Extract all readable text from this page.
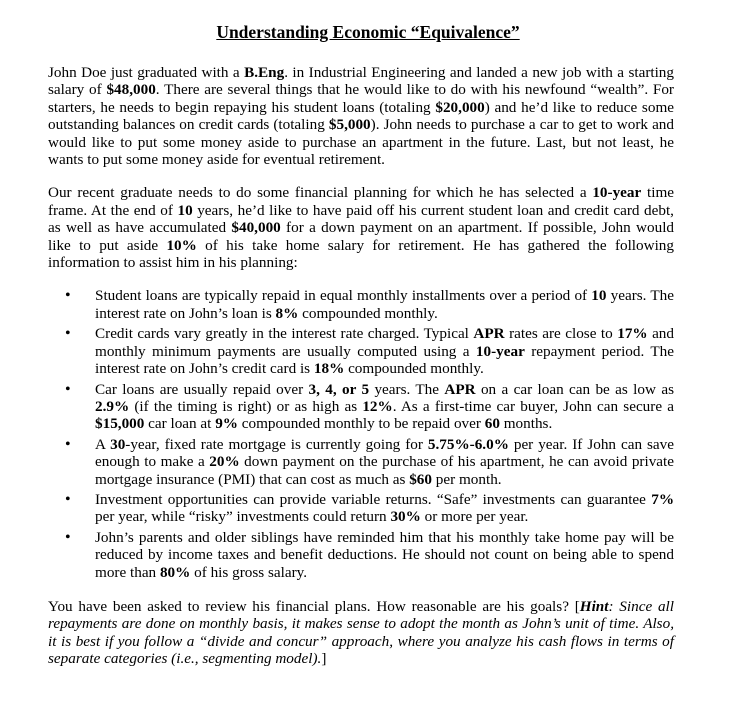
Understanding Economic “Equivalence”

John Doe just graduated with a B.Eng. in Industrial Engineering and landed a new job with a starting salary of $48,000. There are several things that he would like to do with his newfound “wealth”. For starters, he needs to begin repaying his student loans (totaling $20,000) and he’d like to reduce some outstanding balances on credit cards (totaling $5,000). John needs to purchase a car to get to work and would like to put some money aside to purchase an apartment in the future. Last, but not least, he wants to put some money aside for eventual retirement.

Our recent graduate needs to do some financial planning for which he has selected a 10-year time frame. At the end of 10 years, he’d like to have paid off his current student loan and credit card debt, as well as have accumulated $40,000 for a down payment on an apartment. If possible, John would like to put aside 10% of his take home salary for retirement. He has gathered the following information to assist him in his planning:

• Student loans are typically repaid in equal monthly installments over a period of 10 years. The interest rate on John’s loan is 8% compounded monthly.
• Credit cards vary greatly in the interest rate charged. Typical APR rates are close to 17% and monthly minimum payments are usually computed using a 10-year repayment period. The interest rate on John’s credit card is 18% compounded monthly.
• Car loans are usually repaid over 3, 4, or 5 years. The APR on a car loan can be as low as 2.9% (if the timing is right) or as high as 12%. As a first-time car buyer, John can secure a $15,000 car loan at 9% compounded monthly to be repaid over 60 months.
• A 30-year, fixed rate mortgage is currently going for 5.75%-6.0% per year. If John can save enough to make a 20% down payment on the purchase of his apartment, he can avoid private mortgage insurance (PMI) that can cost as much as $60 per month.
• Investment opportunities can provide variable returns. “Safe” investments can guarantee 7% per year, while “risky” investments could return 30% or more per year.
• John’s parents and older siblings have reminded him that his monthly take home pay will be reduced by income taxes and benefit deductions. He should not count on being able to spend more than 80% of his gross salary.

You have been asked to review his financial plans. How reasonable are his goals? [Hint: Since all repayments are done on monthly basis, it makes sense to adopt the month as John’s unit of time. Also, it is best if you follow a “divide and concur” approach, where you analyze his cash flows in terms of separate categories (i.e., segmenting model).]
